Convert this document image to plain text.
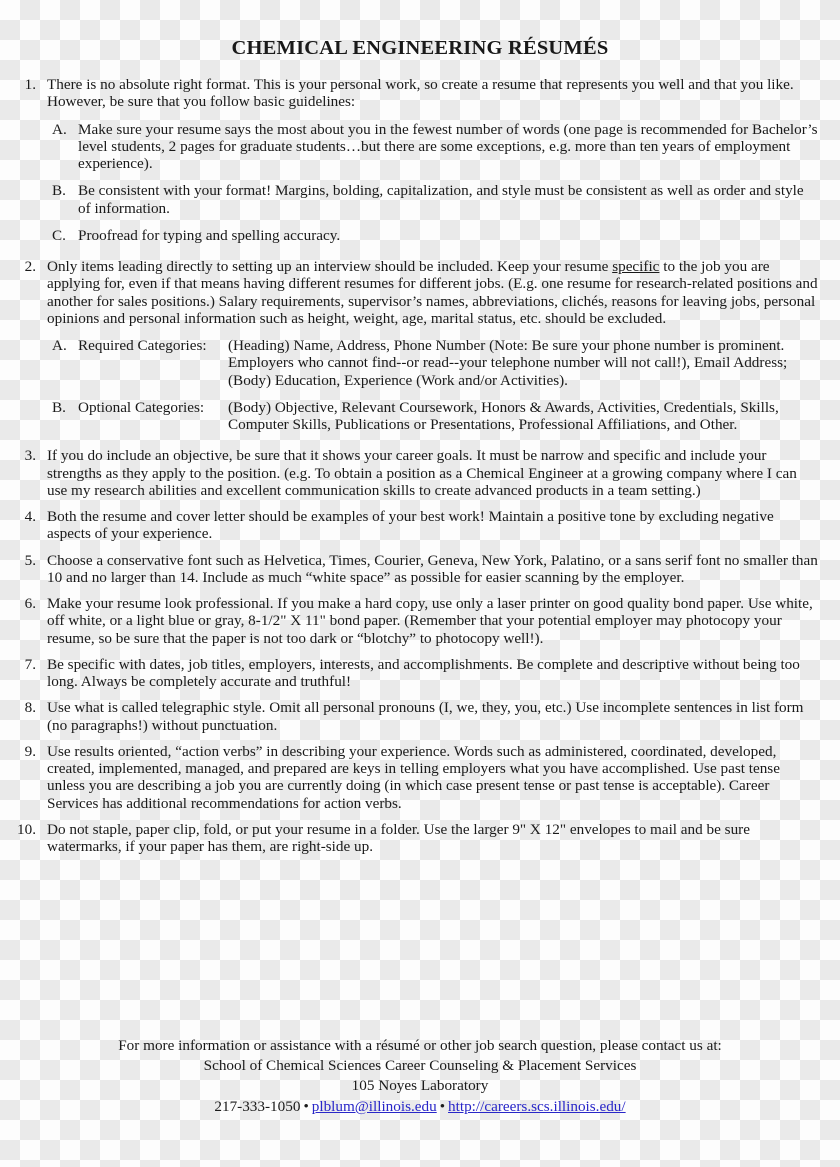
CHEMICAL ENGINEERING RÉSUMÉS
1. There is no absolute right format. This is your personal work, so create a resume that represents you well and that you like. However, be sure that you follow basic guidelines:
A. Make sure your resume says the most about you in the fewest number of words (one page is recommended for Bachelor’s level students, 2 pages for graduate students…but there are some exceptions, e.g. more than ten years of employment experience).
B. Be consistent with your format! Margins, bolding, capitalization, and style must be consistent as well as order and style of information.
C. Proofread for typing and spelling accuracy.
2. Only items leading directly to setting up an interview should be included. Keep your resume specific to the job you are applying for, even if that means having different resumes for different jobs. (E.g. one resume for research-related positions and another for sales positions.) Salary requirements, supervisor’s names, abbreviations, clichés, reasons for leaving jobs, personal opinions and personal information such as height, weight, age, marital status, etc. should be excluded.
A. Required Categories:	(Heading) Name, Address, Phone Number (Note: Be sure your phone number is prominent. Employers who cannot find--or read--your telephone number will not call!), Email Address; (Body) Education, Experience (Work and/or Activities).
B. Optional Categories:	(Body) Objective, Relevant Coursework, Honors & Awards, Activities, Credentials, Skills, Computer Skills, Publications or Presentations, Professional Affiliations, and Other.
3. If you do include an objective, be sure that it shows your career goals. It must be narrow and specific and include your strengths as they apply to the position. (e.g. To obtain a position as a Chemical Engineer at a growing company where I can use my research abilities and excellent communication skills to create advanced products in a team setting.)
4. Both the resume and cover letter should be examples of your best work! Maintain a positive tone by excluding negative aspects of your experience.
5. Choose a conservative font such as Helvetica, Times, Courier, Geneva, New York, Palatino, or a sans serif font no smaller than 10 and no larger than 14. Include as much “white space” as possible for easier scanning by the employer.
6. Make your resume look professional. If you make a hard copy, use only a laser printer on good quality bond paper. Use white, off white, or a light blue or gray, 8-1/2" X 11" bond paper. (Remember that your potential employer may photocopy your resume, so be sure that the paper is not too dark or “blotchy” to photocopy well!).
7. Be specific with dates, job titles, employers, interests, and accomplishments. Be complete and descriptive without being too long. Always be completely accurate and truthful!
8. Use what is called telegraphic style. Omit all personal pronouns (I, we, they, you, etc.) Use incomplete sentences in list form (no paragraphs!) without punctuation.
9. Use results oriented, “action verbs” in describing your experience. Words such as administered, coordinated, developed, created, implemented, managed, and prepared are keys in telling employers what you have accomplished. Use past tense unless you are describing a job you are currently doing (in which case present tense or past tense is acceptable). Career Services has additional recommendations for action verbs.
10. Do not staple, paper clip, fold, or put your resume in a folder. Use the larger 9" X 12" envelopes to mail and be sure watermarks, if your paper has them, are right-side up.
For more information or assistance with a résumé or other job search question, please contact us at:
School of Chemical Sciences Career Counseling & Placement Services
105 Noyes Laboratory
217-333-1050 • plblum@illinois.edu • http://careers.scs.illinois.edu/
